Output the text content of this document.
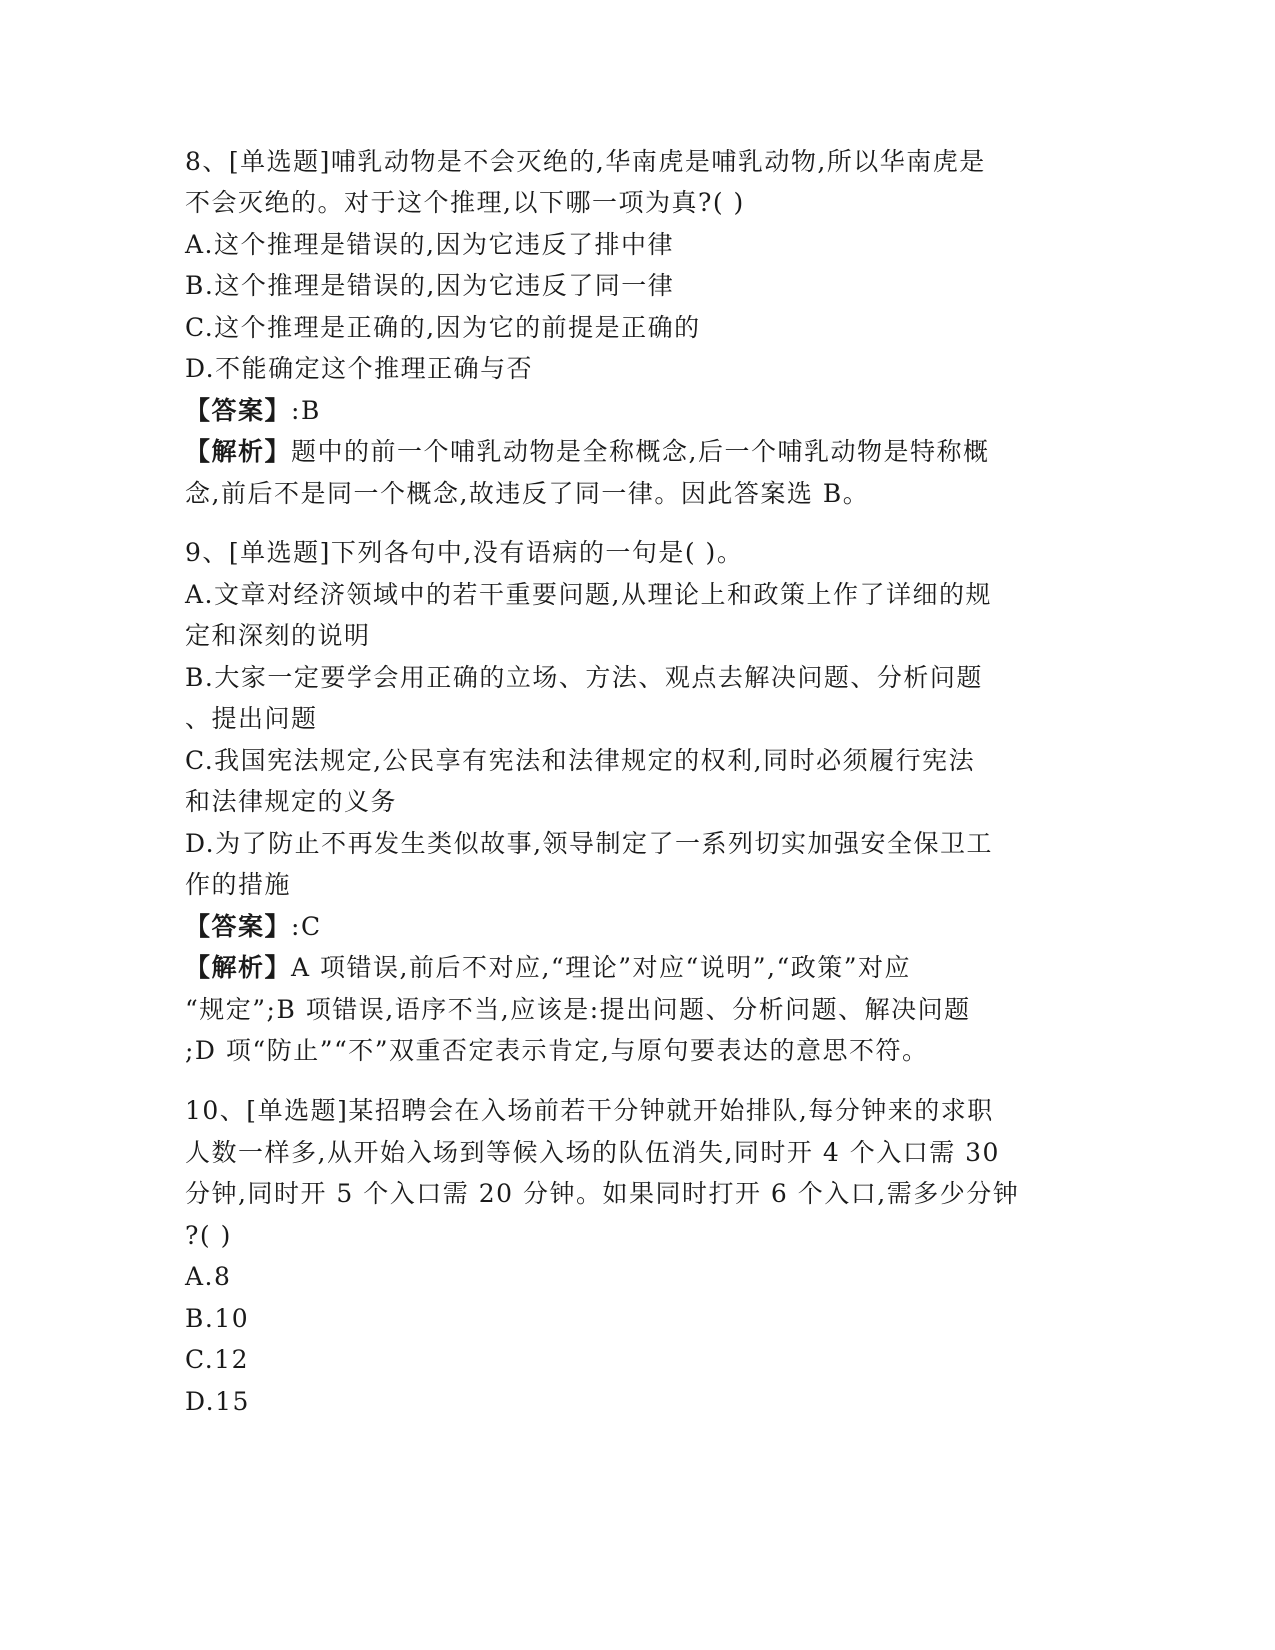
8、[单选题]哺乳动物是不会灭绝的,华南虎是哺乳动物,所以华南虎是
不会灭绝的。对于这个推理,以下哪一项为真?( )
A.这个推理是错误的,因为它违反了排中律
B.这个推理是错误的,因为它违反了同一律
C.这个推理是正确的,因为它的前提是正确的
D.不能确定这个推理正确与否
【答案】:B
【解析】题中的前一个哺乳动物是全称概念,后一个哺乳动物是特称概
念,前后不是同一个概念,故违反了同一律。因此答案选 B。
9、[单选题]下列各句中,没有语病的一句是( )。
A.文章对经济领域中的若干重要问题,从理论上和政策上作了详细的规
定和深刻的说明
B.大家一定要学会用正确的立场、方法、观点去解决问题、分析问题
、提出问题
C.我国宪法规定,公民享有宪法和法律规定的权利,同时必须履行宪法
和法律规定的义务
D.为了防止不再发生类似故事,领导制定了一系列切实加强安全保卫工
作的措施
【答案】:C
【解析】A 项错误,前后不对应,“理论”对应“说明”,“政策”对应
“规定”;B 项错误,语序不当,应该是:提出问题、分析问题、解决问题
;D 项“防止”“不”双重否定表示肯定,与原句要表达的意思不符。
10、[单选题]某招聘会在入场前若干分钟就开始排队,每分钟来的求职
人数一样多,从开始入场到等候入场的队伍消失,同时开 4 个入口需 30
分钟,同时开 5 个入口需 20 分钟。如果同时打开 6 个入口,需多少分钟
?( )
A.8
B.10
C.12
D.15
